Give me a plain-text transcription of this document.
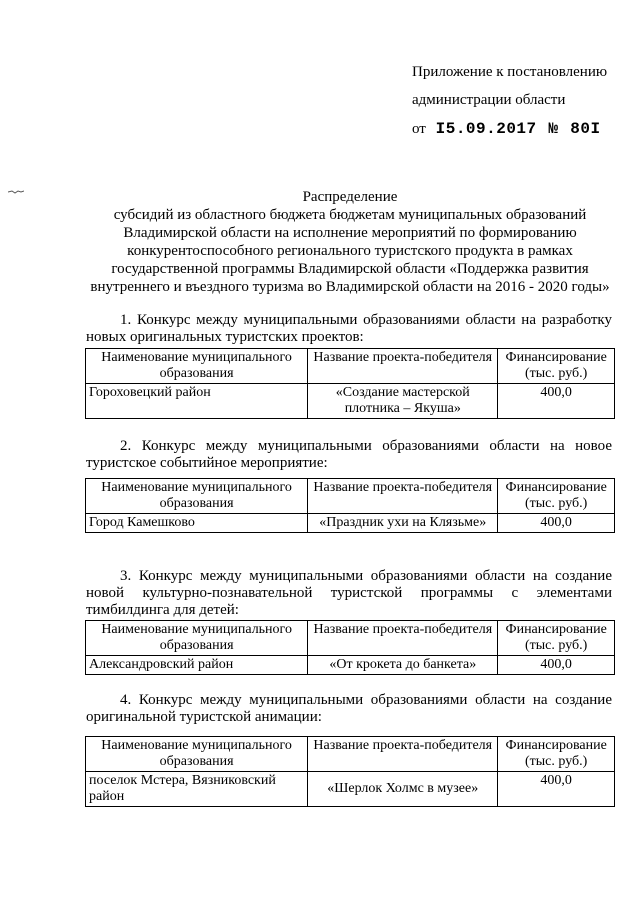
Приложение к постановлению
администрации области
от I5.09.2017 № 80I
Распределение
субсидий из областного бюджета бюджетам муниципальных образований
Владимирской области на исполнение мероприятий по формированию
конкурентоспособного регионального туристского продукта в рамках
государственной программы Владимирской области «Поддержка развития
внутреннего и въездного туризма во Владимирской области на 2016 - 2020 годы»
1. Конкурс между муниципальными образованиями области на разработку новых оригинальных туристских проектов:
Наименование муниципального образования	Название проекта-победителя	Финансирование (тыс. руб.)
Гороховецкий район	«Создание мастерской плотника – Якуша»	400,0
2. Конкурс между муниципальными образованиями области на новое туристское событийное мероприятие:
Наименование муниципального образования	Название проекта-победителя	Финансирование (тыс. руб.)
Город Камешково	«Праздник ухи на Клязьме»	400,0
3. Конкурс между муниципальными образованиями области на создание новой культурно-познавательной туристской программы с элементами тимбилдинга для детей:
Наименование муниципального образования	Название проекта-победителя	Финансирование (тыс. руб.)
Александровский район	«От крокета до банкета»	400,0
4. Конкурс между муниципальными образованиями области на создание оригинальной туристской анимации:
Наименование муниципального образования	Название проекта-победителя	Финансирование (тыс. руб.)
поселок Мстера, Вязниковский район	«Шерлок Холмс в музее»	400,0
